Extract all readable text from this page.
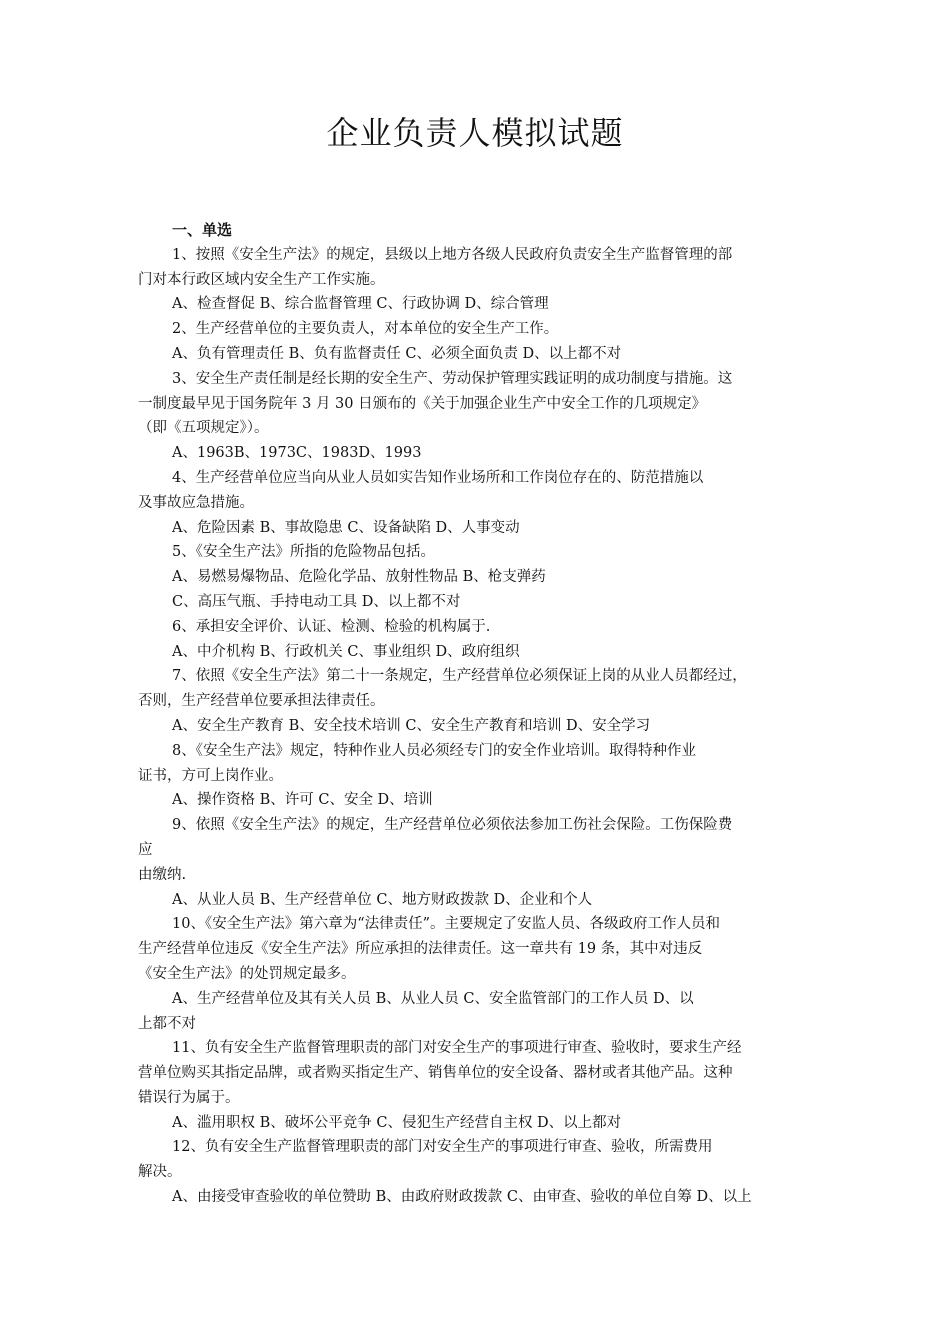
企业负责人模拟试题

一、单选

1、按照《安全生产法》的规定，县级以上地方各级人民政府负责安全生产监督管理的部

门对本行政区域内安全生产工作实施。

A、检查督促 B、综合监督管理 C、行政协调 D、综合管理

2、生产经营单位的主要负责人，对本单位的安全生产工作。

A、负有管理责任 B、负有监督责任 C、必须全面负责 D、以上都不对

3、安全生产责任制是经长期的安全生产、劳动保护管理实践证明的成功制度与措施。这

一制度最早见于国务院年 3 月 30 日颁布的《关于加强企业生产中安全工作的几项规定》

（即《五项规定》）。

A、1963B、1973C、1983D、1993

4、生产经营单位应当向从业人员如实告知作业场所和工作岗位存在的、防范措施以

及事故应急措施。

A、危险因素 B、事故隐患 C、设备缺陷 D、人事变动

5、《安全生产法》所指的危险物品包括。

A、易燃易爆物品、危险化学品、放射性物品 B、枪支弹药

C、高压气瓶、手持电动工具 D、以上都不对

6、承担安全评价、认证、检测、检验的机构属于.

A、中介机构 B、行政机关 C、事业组织 D、政府组织

7、依照《安全生产法》第二十一条规定，生产经营单位必须保证上岗的从业人员都经过，

否则，生产经营单位要承担法律责任。

A、安全生产教育 B、安全技术培训 C、安全生产教育和培训 D、安全学习

8、《安全生产法》规定，特种作业人员必须经专门的安全作业培训。取得特种作业

证书，方可上岗作业。

A、操作资格 B、许可 C、安全 D、培训

9、依照《安全生产法》的规定，生产经营单位必须依法参加工伤社会保险。工伤保险费

应

由缴纳.

A、从业人员 B、生产经营单位 C、地方财政拨款 D、企业和个人

10、《安全生产法》第六章为“法律责任”。主要规定了安监人员、各级政府工作人员和

生产经营单位违反《安全生产法》所应承担的法律责任。这一章共有 19 条，其中对违反

《安全生产法》的处罚规定最多。

A、生产经营单位及其有关人员 B、从业人员 C、安全监管部门的工作人员 D、以

上都不对

11、负有安全生产监督管理职责的部门对安全生产的事项进行审查、验收时，要求生产经

营单位购买其指定品牌，或者购买指定生产、销售单位的安全设备、器材或者其他产品。这种

错误行为属于。

A、滥用职权 B、破坏公平竞争 C、侵犯生产经营自主权 D、以上都对

12、负有安全生产监督管理职责的部门对安全生产的事项进行审查、验收，所需费用

解决。

A、由接受审查验收的单位赞助 B、由政府财政拨款 C、由审查、验收的单位自筹 D、以上
